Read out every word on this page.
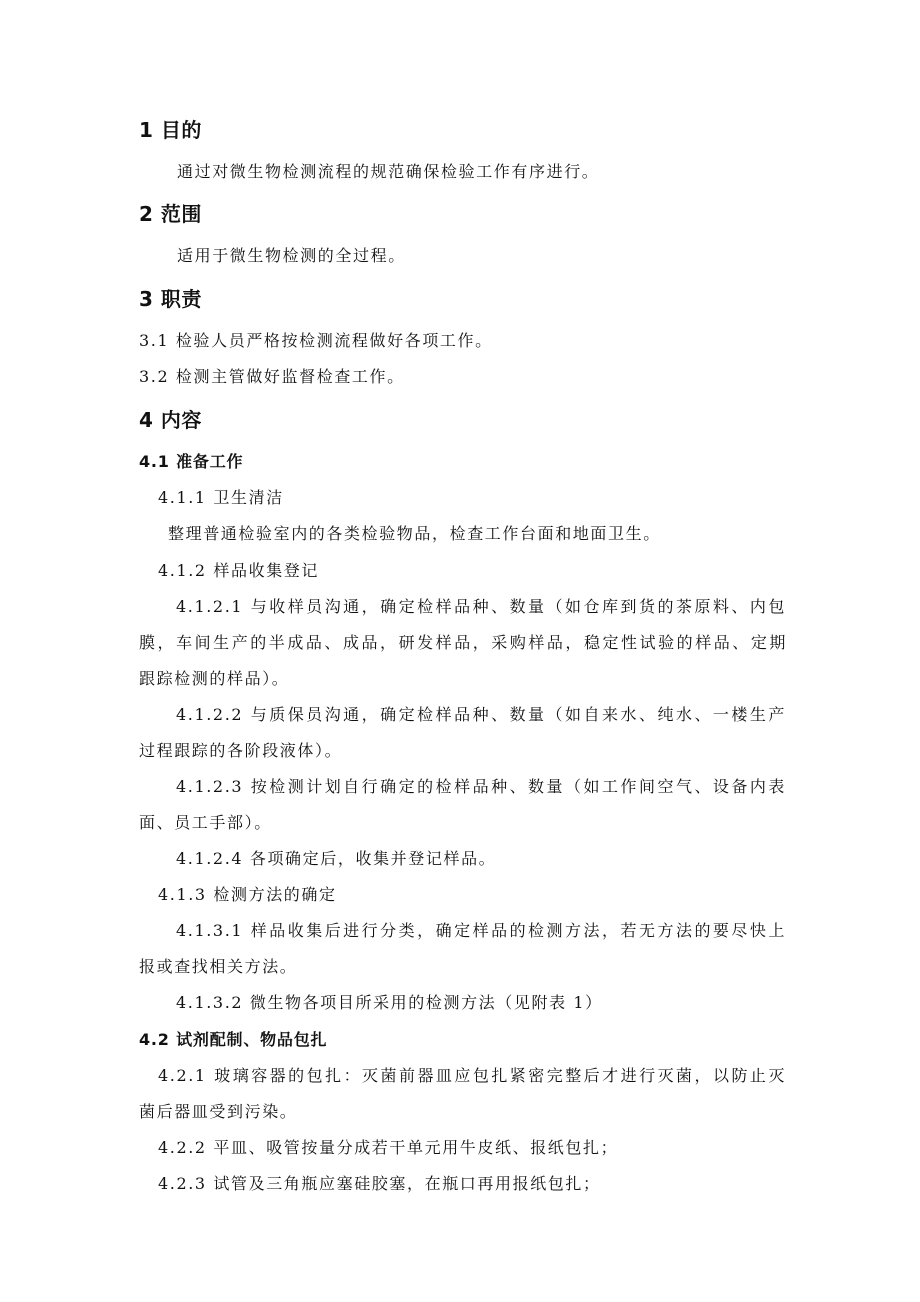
1 目的
通过对微生物检测流程的规范确保检验工作有序进行。
2 范围
适用于微生物检测的全过程。
3 职责
3.1 检验人员严格按检测流程做好各项工作。
3.2 检测主管做好监督检查工作。
4 内容
4.1 准备工作
4.1.1 卫生清洁
整理普通检验室内的各类检验物品，检查工作台面和地面卫生。
4.1.2 样品收集登记
4.1.2.1 与收样员沟通，确定检样品种、数量（如仓库到货的茶原料、内包
膜，车间生产的半成品、成品，研发样品，采购样品，稳定性试验的样品、定期
跟踪检测的样品）。
4.1.2.2 与质保员沟通，确定检样品种、数量（如自来水、纯水、一楼生产
过程跟踪的各阶段液体）。
4.1.2.3 按检测计划自行确定的检样品种、数量（如工作间空气、设备内表
面、员工手部）。
4.1.2.4 各项确定后，收集并登记样品。
4.1.3 检测方法的确定
4.1.3.1 样品收集后进行分类，确定样品的检测方法，若无方法的要尽快上
报或查找相关方法。
4.1.3.2 微生物各项目所采用的检测方法（见附表 1）
4.2 试剂配制、物品包扎
4.2.1 玻璃容器的包扎：灭菌前器皿应包扎紧密完整后才进行灭菌，以防止灭
菌后器皿受到污染。
4.2.2 平皿、吸管按量分成若干单元用牛皮纸、报纸包扎；
4.2.3 试管及三角瓶应塞硅胶塞，在瓶口再用报纸包扎；
